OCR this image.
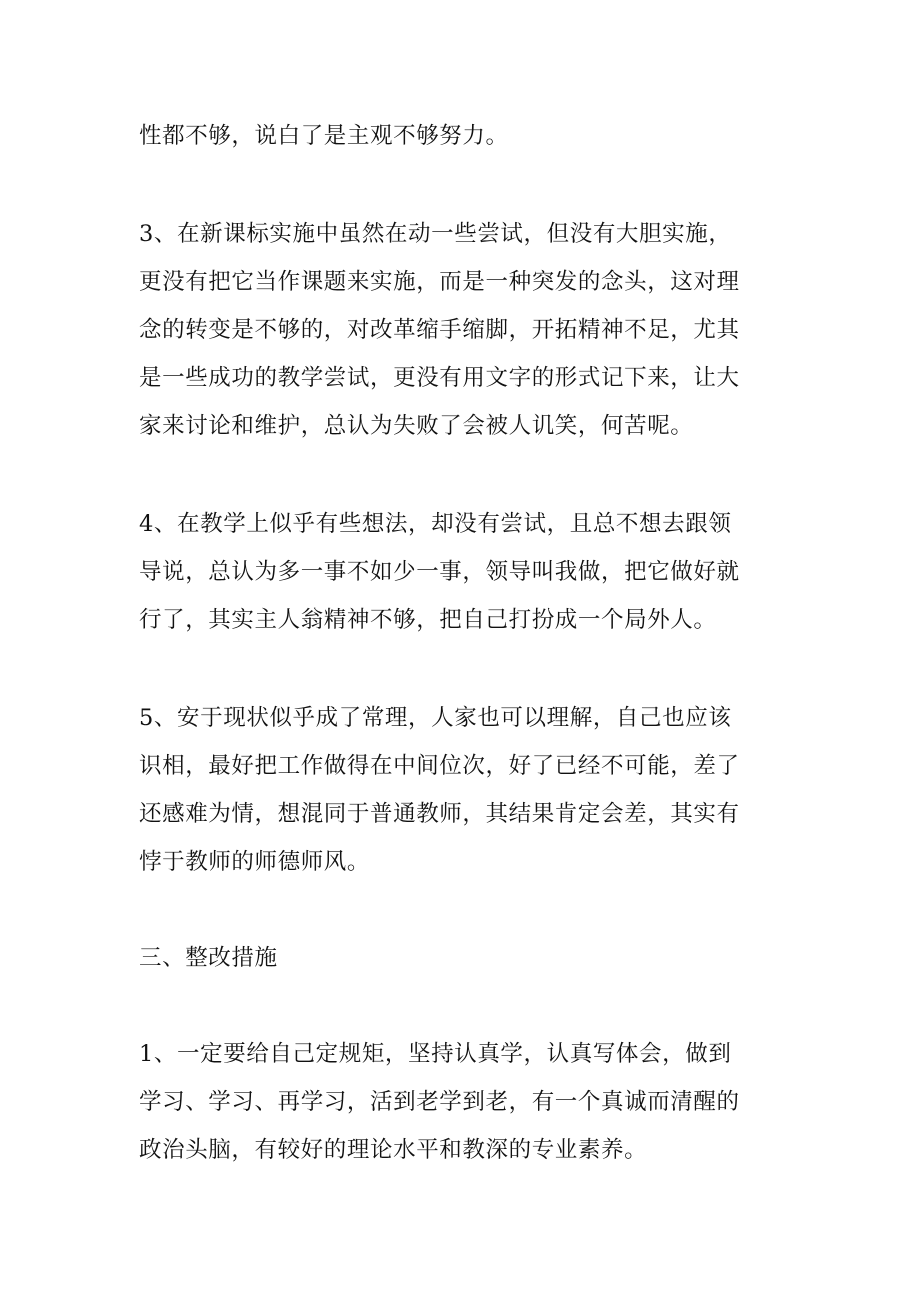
性都不够，说白了是主观不够努力。
3、在新课标实施中虽然在动一些尝试，但没有大胆实施，
更没有把它当作课题来实施，而是一种突发的念头，这对理
念的转变是不够的，对改革缩手缩脚，开拓精神不足，尤其
是一些成功的教学尝试，更没有用文字的形式记下来，让大
家来讨论和维护，总认为失败了会被人讥笑，何苦呢。
4、在教学上似乎有些想法，却没有尝试，且总不想去跟领
导说，总认为多一事不如少一事，领导叫我做，把它做好就
行了，其实主人翁精神不够，把自己打扮成一个局外人。
5、安于现状似乎成了常理，人家也可以理解，自己也应该
识相，最好把工作做得在中间位次，好了已经不可能，差了
还感难为情，想混同于普通教师，其结果肯定会差，其实有
悖于教师的师德师风。
三、整改措施
1、一定要给自己定规矩，坚持认真学，认真写体会，做到
学习、学习、再学习，活到老学到老，有一个真诚而清醒的
政治头脑，有较好的理论水平和教深的专业素养。
